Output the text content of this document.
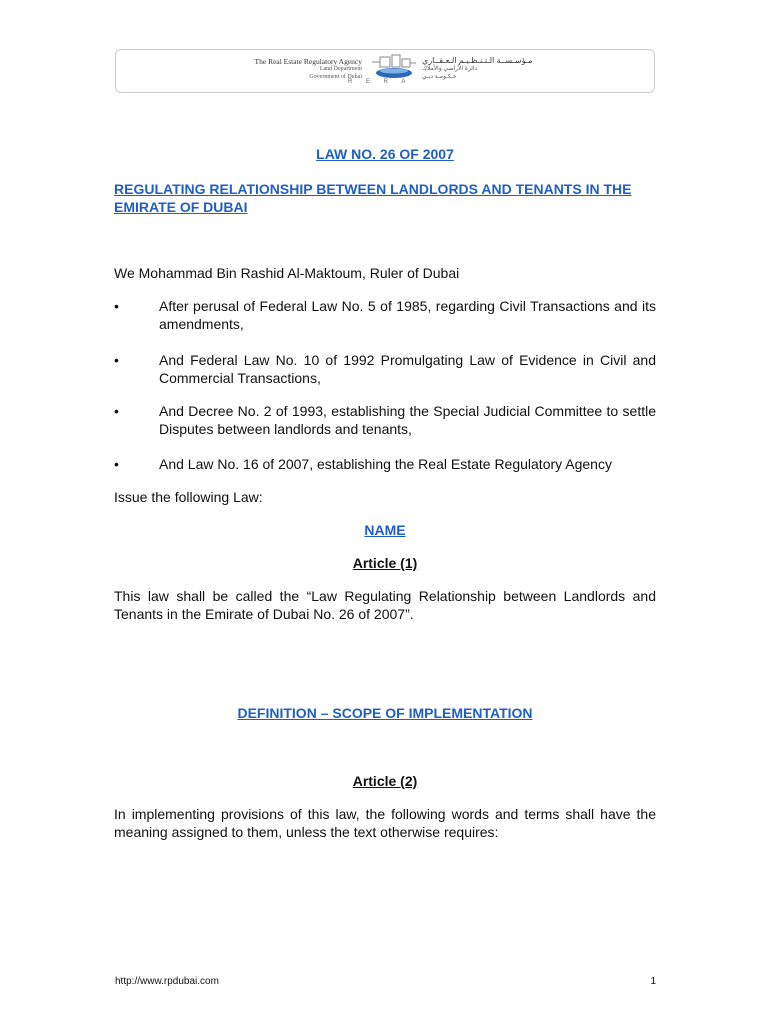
The Real Estate Regulatory Agency
Land Department
Government of Dubai
R E R A
مـؤسـســة الـتـنـظـيـم الـعـقــاري
دائرة الأراضي والأملاك
حـكـومـة دبـي
LAW NO. 26 OF 2007
REGULATING RELATIONSHIP BETWEEN LANDLORDS AND TENANTS IN THE EMIRATE OF DUBAI
We Mohammad Bin Rashid Al-Maktoum, Ruler of Dubai
•	After perusal of Federal Law No. 5 of 1985, regarding Civil Transactions and its amendments,
•	And Federal Law No. 10 of 1992 Promulgating Law of Evidence in Civil and Commercial Transactions,
•	And Decree No. 2 of 1993, establishing the Special Judicial Committee to settle Disputes between landlords and tenants,
•	And Law No. 16 of 2007, establishing the Real Estate Regulatory Agency
Issue the following Law:
NAME
Article (1)
This law shall be called the “Law Regulating Relationship between Landlords and Tenants in the Emirate of Dubai No. 26 of 2007”.
DEFINITION – SCOPE OF IMPLEMENTATION
Article (2)
In implementing provisions of this law, the following words and terms shall have the meaning assigned to them, unless the text otherwise requires:
http://www.rpdubai.com	1
